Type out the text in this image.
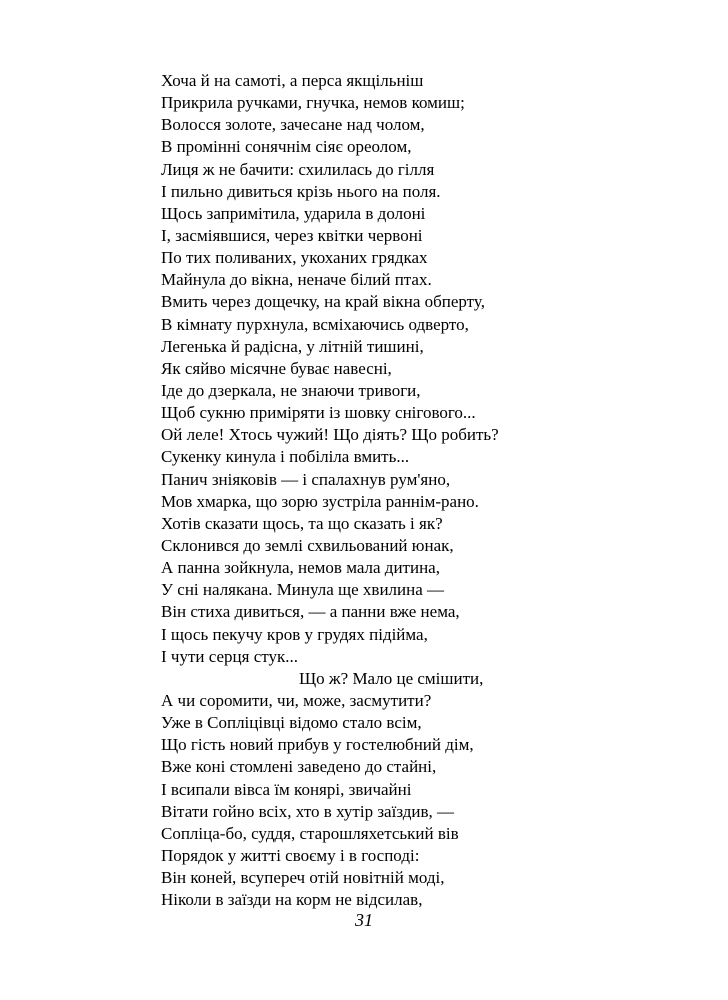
Хоча й на самоті, а перса якщільніш
Прикрила ручками, гнучка, немов комиш;
Волосся золоте, зачесане над чолом,
В промінні сонячнім сіяє ореолом,
Лиця ж не бачити: схилилась до гілля
І пильно дивиться крізь нього на поля.
Щось запримітила, ударила в долоні
І, засміявшися, через квітки червоні
По тих поливаних, укоханих грядках
Майнула до вікна, неначе білий птах.
Вмить через дощечку, на край вікна обперту,
В кімнату пурхнула, всміхаючись одверто,
Легенька й радісна, у літній тишині,
Як сяйво місячне буває навесні,
Іде до дзеркала, не знаючи тривоги,
Щоб сукню приміряти із шовку снігового...
Ой леле! Хтось чужий! Що діять? Що робить?
Сукенку кинула і побіліла вмить...
Панич зніяковів — і спалахнув рум'яно,
Мов хмарка, що зорю зустріла раннім-рано.
Хотів сказати щось, та що сказать і як?
Склонився до землі схвильований юнак,
А панна зойкнула, немов мала дитина,
У сні налякана. Минула ще хвилина —
Він стиха дивиться, — а панни вже нема,
І щось пекучу кров у грудях підійма,
І чути серця стук...
Що ж? Мало це смішити,
А чи соромити, чи, може, засмутити?
Уже в Сопліцівці відомо стало всім,
Що гість новий прибув у гостелюбний дім,
Вже коні стомлені заведено до стайні,
І всипали вівса їм конярі, звичайні
Вітати гойно всіх, хто в хутір заїздив, —
Сопліца-бо, суддя, старошляхетський вів
Порядок у житті своєму і в господі:
Він коней, всупереч отій новітній моді,
Ніколи в заїзди на корм не відсилав,
31
